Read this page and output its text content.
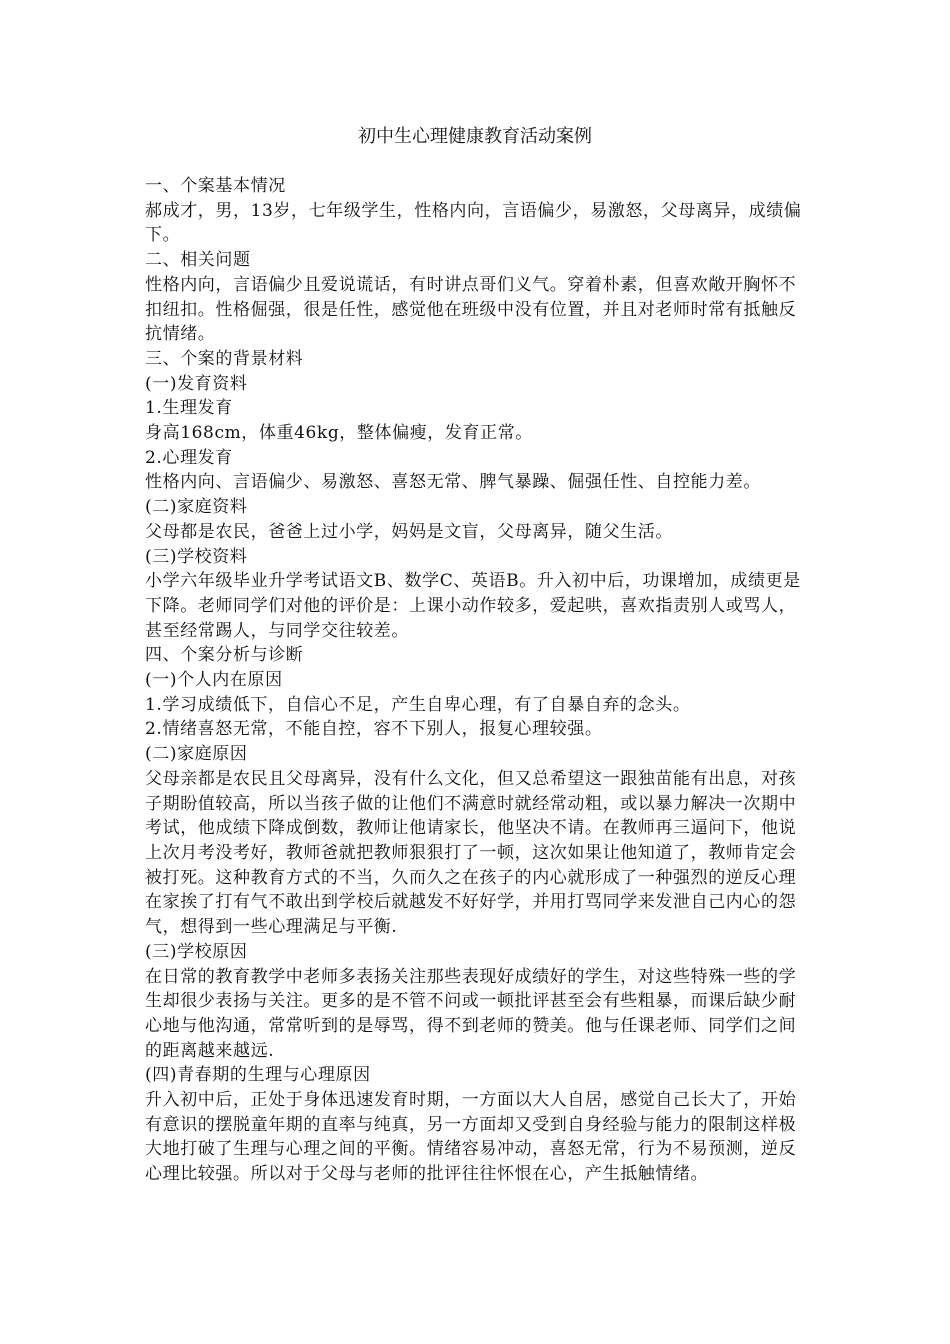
初中生心理健康教育活动案例

一、个案基本情况

郝成才，男，13岁，七年级学生，性格内向，言语偏少，易激怒，父母离异，成绩偏下。

二、相关问题

性格内向，言语偏少且爱说谎话，有时讲点哥们义气。穿着朴素，但喜欢敞开胸怀不扣纽扣。性格倔强，很是任性，感觉他在班级中没有位置，并且对老师时常有抵触反抗情绪。

三、个案的背景材料

(一)发育资料

1.生理发育

身高168cm，体重46kg，整体偏瘦，发育正常。

2.心理发育

性格内向、言语偏少、易激怒、喜怒无常、脾气暴躁、倔强任性、自控能力差。

(二)家庭资料

父母都是农民，爸爸上过小学，妈妈是文盲，父母离异，随父生活。

(三)学校资料

小学六年级毕业升学考试语文B、数学C、英语B。升入初中后，功课增加，成绩更是下降。老师同学们对他的评价是：上课小动作较多，爱起哄，喜欢指责别人或骂人，甚至经常踢人，与同学交往较差。

四、个案分析与诊断

(一)个人内在原因

1.学习成绩低下，自信心不足，产生自卑心理，有了自暴自弃的念头。

2.情绪喜怒无常，不能自控，容不下别人，报复心理较强。

(二)家庭原因

父母亲都是农民且父母离异，没有什么文化，但又总希望这一跟独苗能有出息，对孩子期盼值较高，所以当孩子做的让他们不满意时就经常动粗，或以暴力解决一次期中考试，他成绩下降成倒数，教师让他请家长，他坚决不请。在教师再三逼问下，他说上次月考没考好，教师爸就把教师狠狠打了一顿，这次如果让他知道了，教师肯定会被打死。这种教育方式的不当，久而久之在孩子的内心就形成了一种强烈的逆反心理在家挨了打有气不敢出到学校后就越发不好好学，并用打骂同学来发泄自己内心的怨气，想得到一些心理满足与平衡.

(三)学校原因

在日常的教育教学中老师多表扬关注那些表现好成绩好的学生，对这些特殊一些的学生却很少表扬与关注。更多的是不管不问或一顿批评甚至会有些粗暴，而课后缺少耐心地与他沟通，常常听到的是辱骂，得不到老师的赞美。他与任课老师、同学们之间的距离越来越远.

(四)青春期的生理与心理原因

升入初中后，正处于身体迅速发育时期，一方面以大人自居，感觉自己长大了，开始有意识的摆脱童年期的直率与纯真，另一方面却又受到自身经验与能力的限制这样极大地打破了生理与心理之间的平衡。情绪容易冲动，喜怒无常，行为不易预测，逆反心理比较强。所以对于父母与老师的批评往往怀恨在心，产生抵触情绪。
